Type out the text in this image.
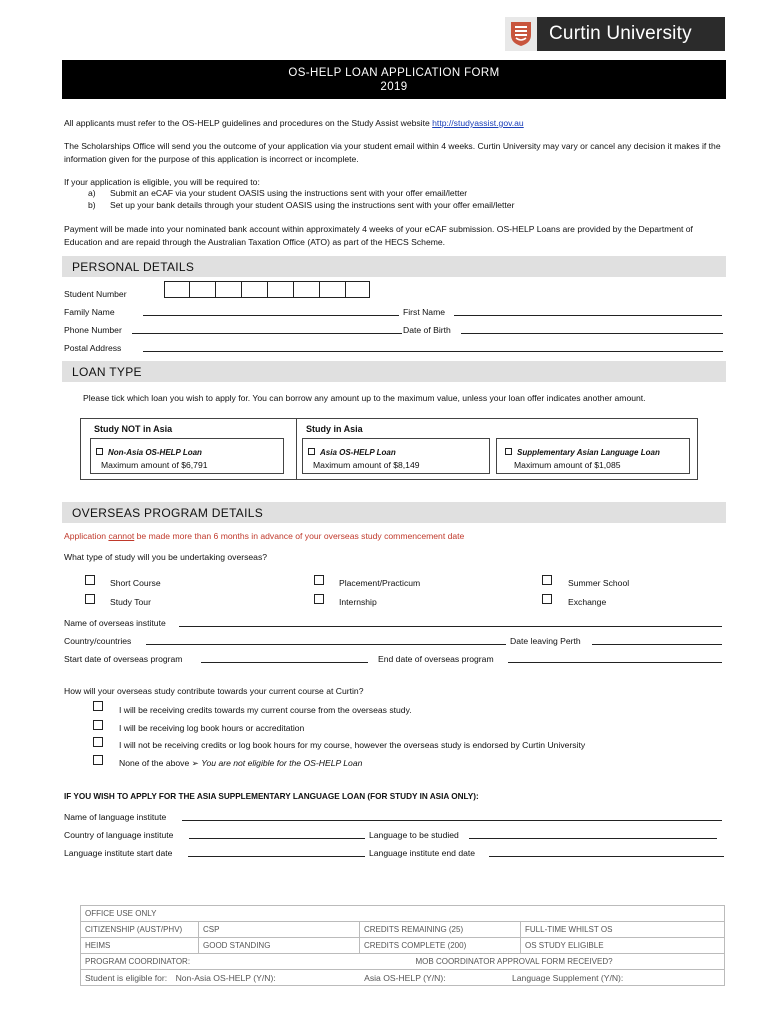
Curtin University
OS-HELP LOAN APPLICATION FORM
2019
All applicants must refer to the OS-HELP guidelines and procedures on the Study Assist website http://studyassist.gov.au
The Scholarships Office will send you the outcome of your application via your student email within 4 weeks. Curtin University may vary or cancel any decision it makes if the information given for the purpose of this application is incorrect or incomplete.
If your application is eligible, you will be required to:
a) Submit an eCAF via your student OASIS using the instructions sent with your offer email/letter
b) Set up your bank details through your student OASIS using the instructions sent with your offer email/letter
Payment will be made into your nominated bank account within approximately 4 weeks of your eCAF submission. OS-HELP Loans are provided by the Department of Education and are repaid through the Australian Taxation Office (ATO) as part of the HECS Scheme.
PERSONAL DETAILS
Student Number
Family Name	First Name
Phone Number	Date of Birth
Postal Address
LOAN TYPE
Please tick which loan you wish to apply for. You can borrow any amount up to the maximum value, unless your loan offer indicates another amount.
Study NOT in Asia	Study in Asia
Non-Asia OS-HELP Loan
Maximum amount of $6,791
Asia OS-HELP Loan
Maximum amount of $8,149
Supplementary Asian Language Loan
Maximum amount of $1,085
OVERSEAS PROGRAM DETAILS
Application cannot be made more than 6 months in advance of your overseas study commencement date
What type of study will you be undertaking overseas?
Short Course	Placement/Practicum	Summer School
Study Tour	Internship	Exchange
Name of overseas institute
Country/countries	Date leaving Perth
Start date of overseas program	End date of overseas program
How will your overseas study contribute towards your current course at Curtin?
I will be receiving credits towards my current course from the overseas study.
I will be receiving log book hours or accreditation
I will not be receiving credits or log book hours for my course, however the overseas study is endorsed by Curtin University
None of the above ➢ You are not eligible for the OS-HELP Loan
IF YOU WISH TO APPLY FOR THE ASIA SUPPLEMENTARY LANGUAGE LOAN (FOR STUDY IN ASIA ONLY):
Name of language institute
Country of language institute	Language to be studied
Language institute start date	Language institute end date
OFFICE USE ONLY			
CITIZENSHIP (AUST/PHV)	CSP	CREDITS REMAINING (25)	FULL-TIME WHILST OS
HEIMS	GOOD STANDING	CREDITS COMPLETE (200)	OS STUDY ELIGIBLE
PROGRAM COORDINATOR:		MOB COORDINATOR APPROVAL FORM RECEIVED?	
Student is eligible for: Non-Asia OS-HELP (Y/N): Asia OS-HELP (Y/N): Language Supplement (Y/N):			
